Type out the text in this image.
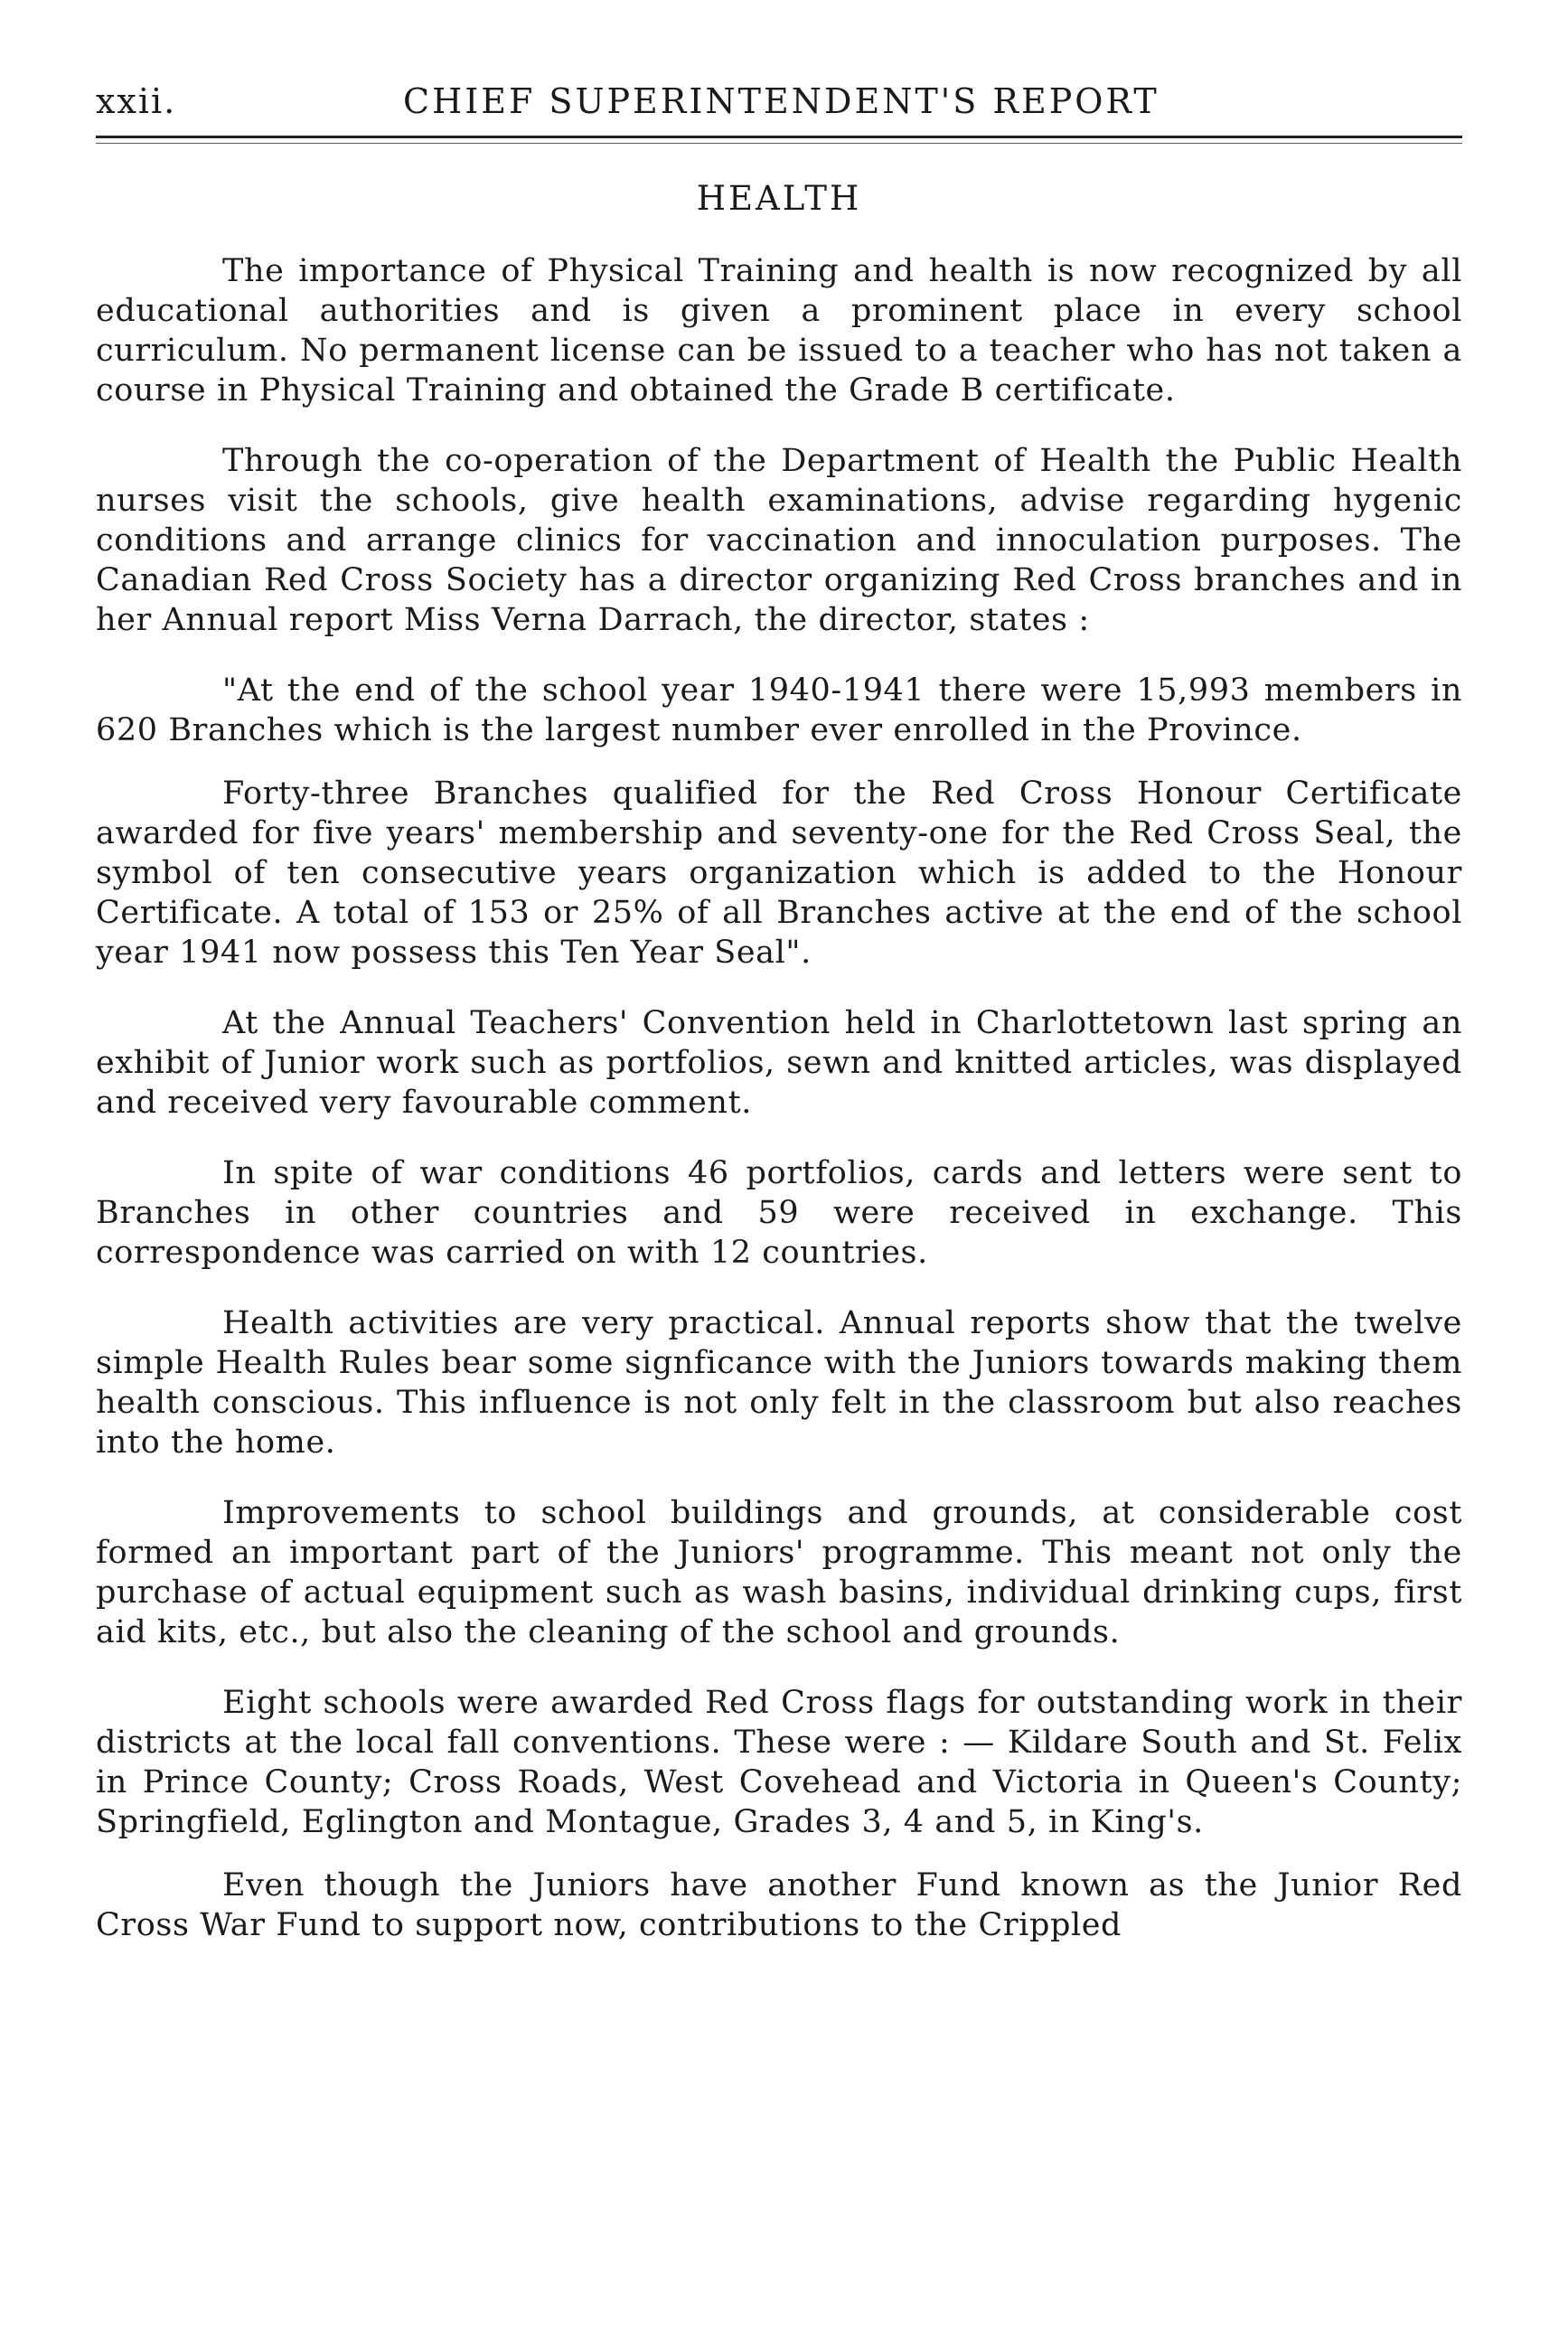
xxii.	CHIEF SUPERINTENDENT'S REPORT
HEALTH

The importance of Physical Training and health is now recognized by all educational authorities and is given a prominent place in every school curriculum. No permanent license can be issued to a teacher who has not taken a course in Physical Training and obtained the Grade B certificate.

Through the co-operation of the Department of Health the Public Health nurses visit the schools, give health examinations, advise regarding hygenic conditions and arrange clinics for vaccination and innoculation purposes. The Canadian Red Cross Society has a director organizing Red Cross branches and in her Annual report Miss Verna Darrach, the director, states :

"At the end of the school year 1940-1941 there were 15,993 members in 620 Branches which is the largest number ever enrolled in the Province.

Forty-three Branches qualified for the Red Cross Honour Certificate awarded for five years' membership and seventy-one for the Red Cross Seal, the symbol of ten consecutive years organization which is added to the Honour Certificate. A total of 153 or 25% of all Branches active at the end of the school year 1941 now possess this Ten Year Seal".

At the Annual Teachers' Convention held in Charlottetown last spring an exhibit of Junior work such as portfolios, sewn and knitted articles, was displayed and received very favourable comment.

In spite of war conditions 46 portfolios, cards and letters were sent to Branches in other countries and 59 were received in exchange. This correspondence was carried on with 12 countries.

Health activities are very practical. Annual reports show that the twelve simple Health Rules bear some signficance with the Juniors towards making them health conscious. This influence is not only felt in the classroom but also reaches into the home.

Improvements to school buildings and grounds, at considerable cost formed an important part of the Juniors' programme. This meant not only the purchase of actual equipment such as wash basins, individual drinking cups, first aid kits, etc., but also the cleaning of the school and grounds.

Eight schools were awarded Red Cross flags for outstanding work in their districts at the local fall conventions. These were : — Kildare South and St. Felix in Prince County; Cross Roads, West Covehead and Victoria in Queen's County; Springfield, Eglington and Montague, Grades 3, 4 and 5, in King's.

Even though the Juniors have another Fund known as the Junior Red Cross War Fund to support now, contributions to the Crippled
